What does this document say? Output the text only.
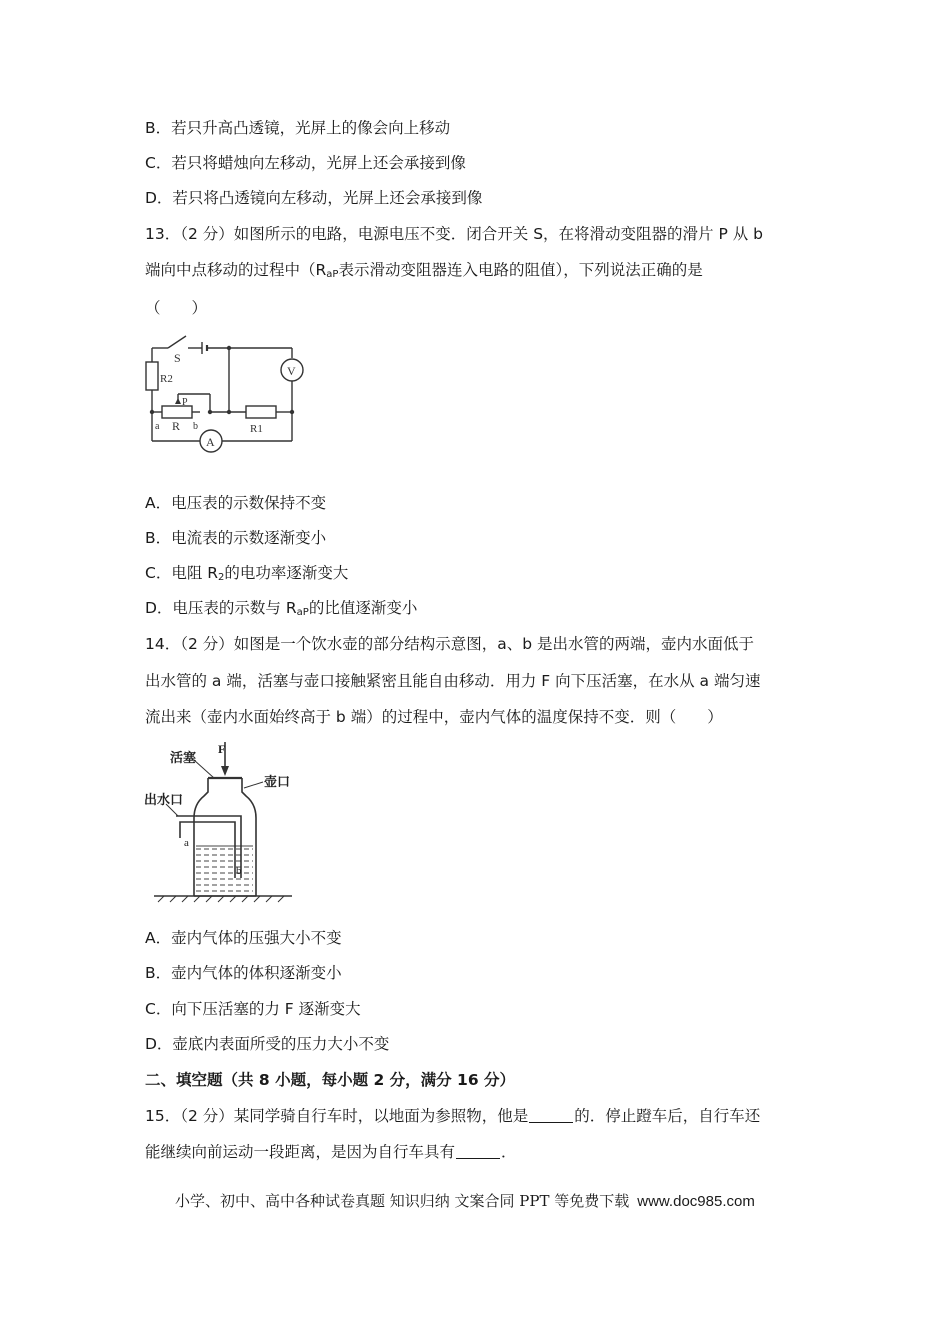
B．若只升高凸透镜，光屏上的像会向上移动
C．若只将蜡烛向左移动，光屏上还会承接到像
D．若只将凸透镜向左移动，光屏上还会承接到像
13．（2 分）如图所示的电路，电源电压不变．闭合开关 S，在将滑动变阻器的滑片 P 从 b
端向中点移动的过程中（$R_{aP}$表示滑动变阻器连入电路的阻值），下列说法正确的是
（　　）
S
R2
P
a R b	R1
A
V
A．电压表的示数保持不变
B．电流表的示数逐渐变小
C．电阻 $R_2$的电功率逐渐变大
D．电压表的示数与 $R_{aP}$的比值逐渐变小
14．（2 分）如图是一个饮水壶的部分结构示意图，a、b 是出水管的两端，壶内水面低于
出水管的 a 端，活塞与壶口接触紧密且能自由移动．用力 F 向下压活塞，在水从 a 端匀速
流出来（壶内水面始终高于 b 端）的过程中，壶内气体的温度保持不变．则（　　）
活塞
F
壶口
出水口
a
b
A．壶内气体的压强大小不变
B．壶内气体的体积逐渐变小
C．向下压活塞的力 F 逐渐变大
D．壶底内表面所受的压力大小不变
二、填空题（共 8 小题，每小题 2 分，满分 16 分）
15．（2 分）某同学骑自行车时，以地面为参照物，他是	的．停止蹬车后，自行车还
能继续向前运动一段距离，是因为自行车具有	．
小学、初中、高中各种试卷真题 知识归纳 文案合同 PPT 等免费下载 www.doc985.com
